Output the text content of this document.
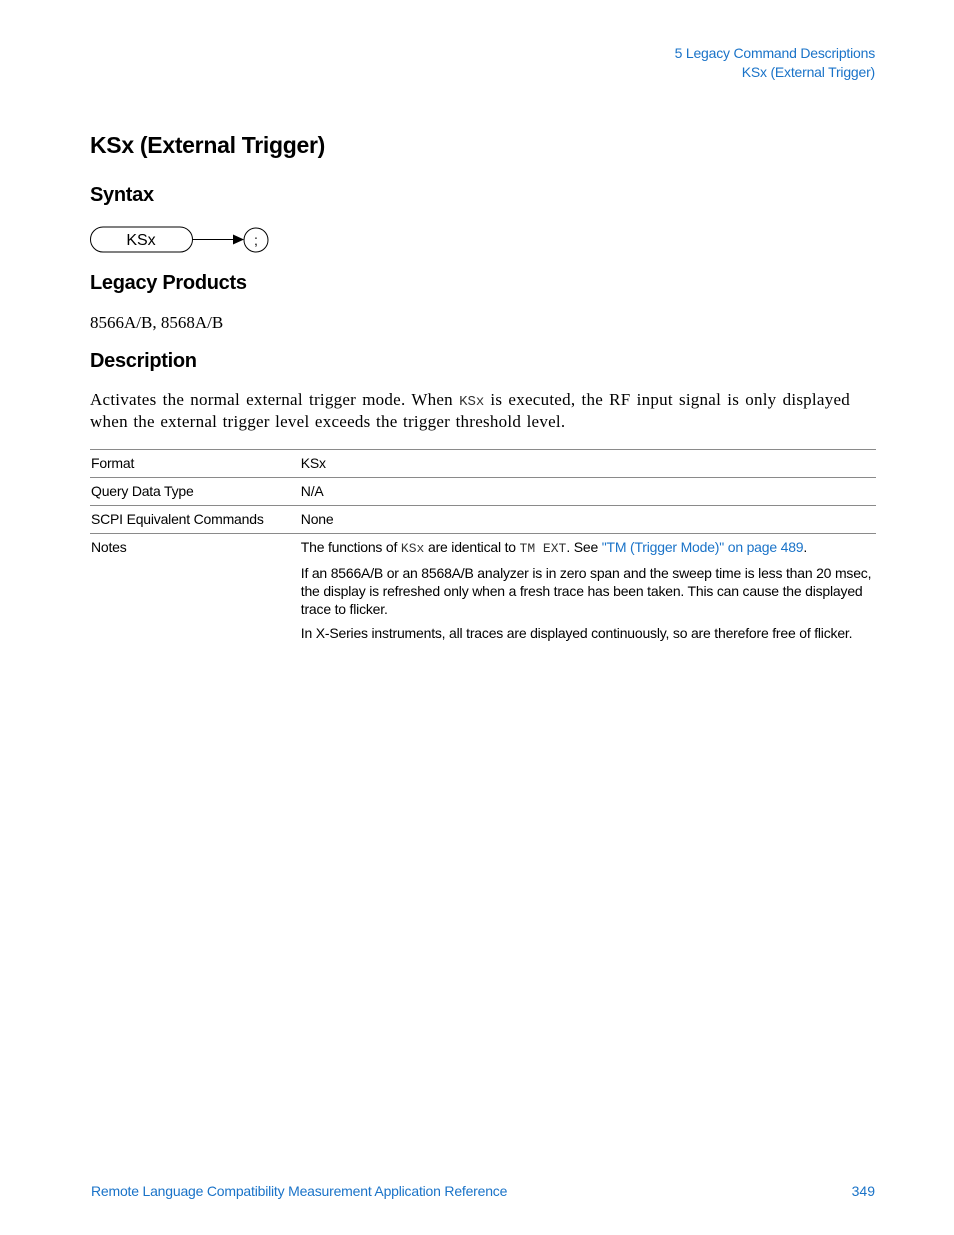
5 Legacy Command Descriptions
KSx (External Trigger)
KSx (External Trigger)
Syntax
KSx	;
Legacy Products

8566A/B, 8568A/B

Description

Activates the normal external trigger mode. When KSx is executed, the RF input signal is only displayed when the external trigger level exceeds the trigger threshold level.

Format	KSx
Query Data Type	N/A
SCPI Equivalent Commands	None
Notes	The functions of KSx are identical to TM EXT. See "TM (Trigger Mode)" on page 489.

If an 8566A/B or an 8568A/B analyzer is in zero span and the sweep time is less than 20 msec, the display is refreshed only when a fresh trace has been taken. This can cause the displayed trace to flicker.

In X-Series instruments, all traces are displayed continuously, so are therefore free of flicker.

Remote Language Compatibility Measurement Application Reference	349
